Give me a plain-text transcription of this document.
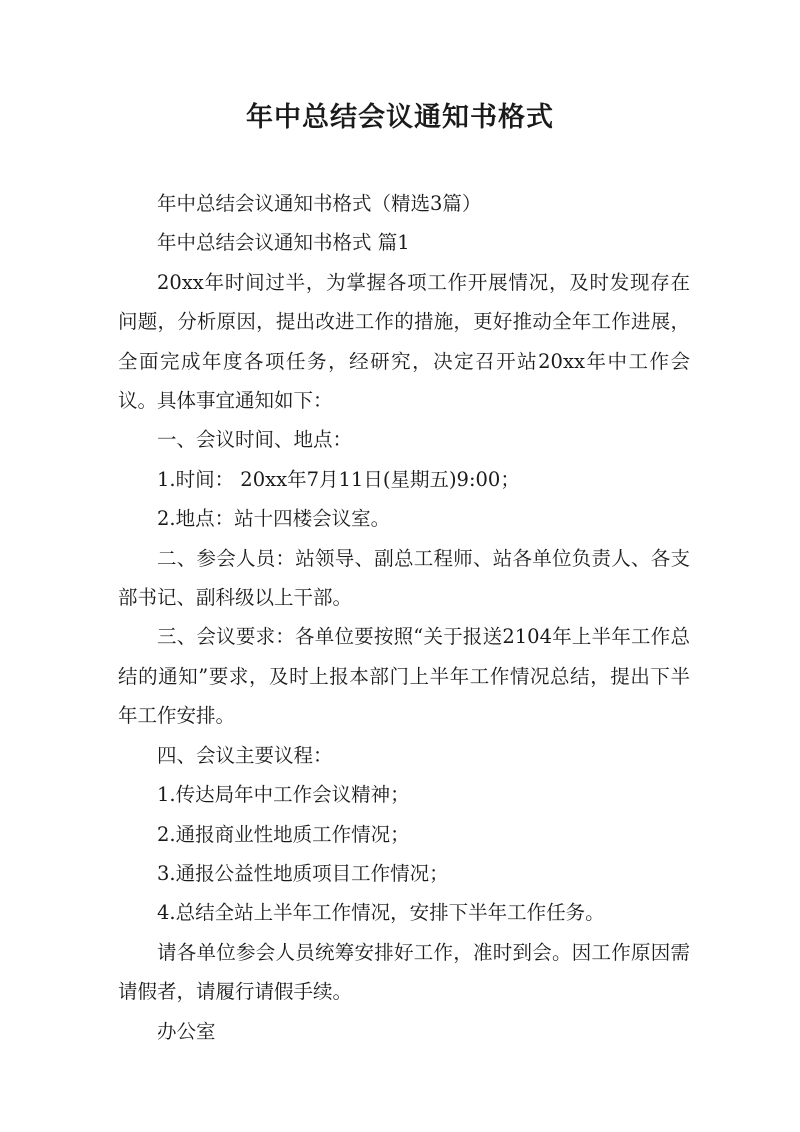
年中总结会议通知书格式

年中总结会议通知书格式（精选3篇）

年中总结会议通知书格式 篇1

20xx年时间过半，为掌握各项工作开展情况，及时发现存在问题，分析原因，提出改进工作的措施，更好推动全年工作进展，全面完成年度各项任务，经研究，决定召开站20xx年中工作会议。具体事宜通知如下：

一、会议时间、地点：

1.时间： 20xx年7月11日(星期五)9:00；

2.地点：站十四楼会议室。

二、参会人员：站领导、副总工程师、站各单位负责人、各支部书记、副科级以上干部。

三、会议要求：各单位要按照“关于报送2104年上半年工作总结的通知”要求，及时上报本部门上半年工作情况总结，提出下半年工作安排。

四、会议主要议程：

1.传达局年中工作会议精神；

2.通报商业性地质工作情况；

3.通报公益性地质项目工作情况；

4.总结全站上半年工作情况，安排下半年工作任务。

请各单位参会人员统筹安排好工作，准时到会。因工作原因需请假者，请履行请假手续。

办公室
